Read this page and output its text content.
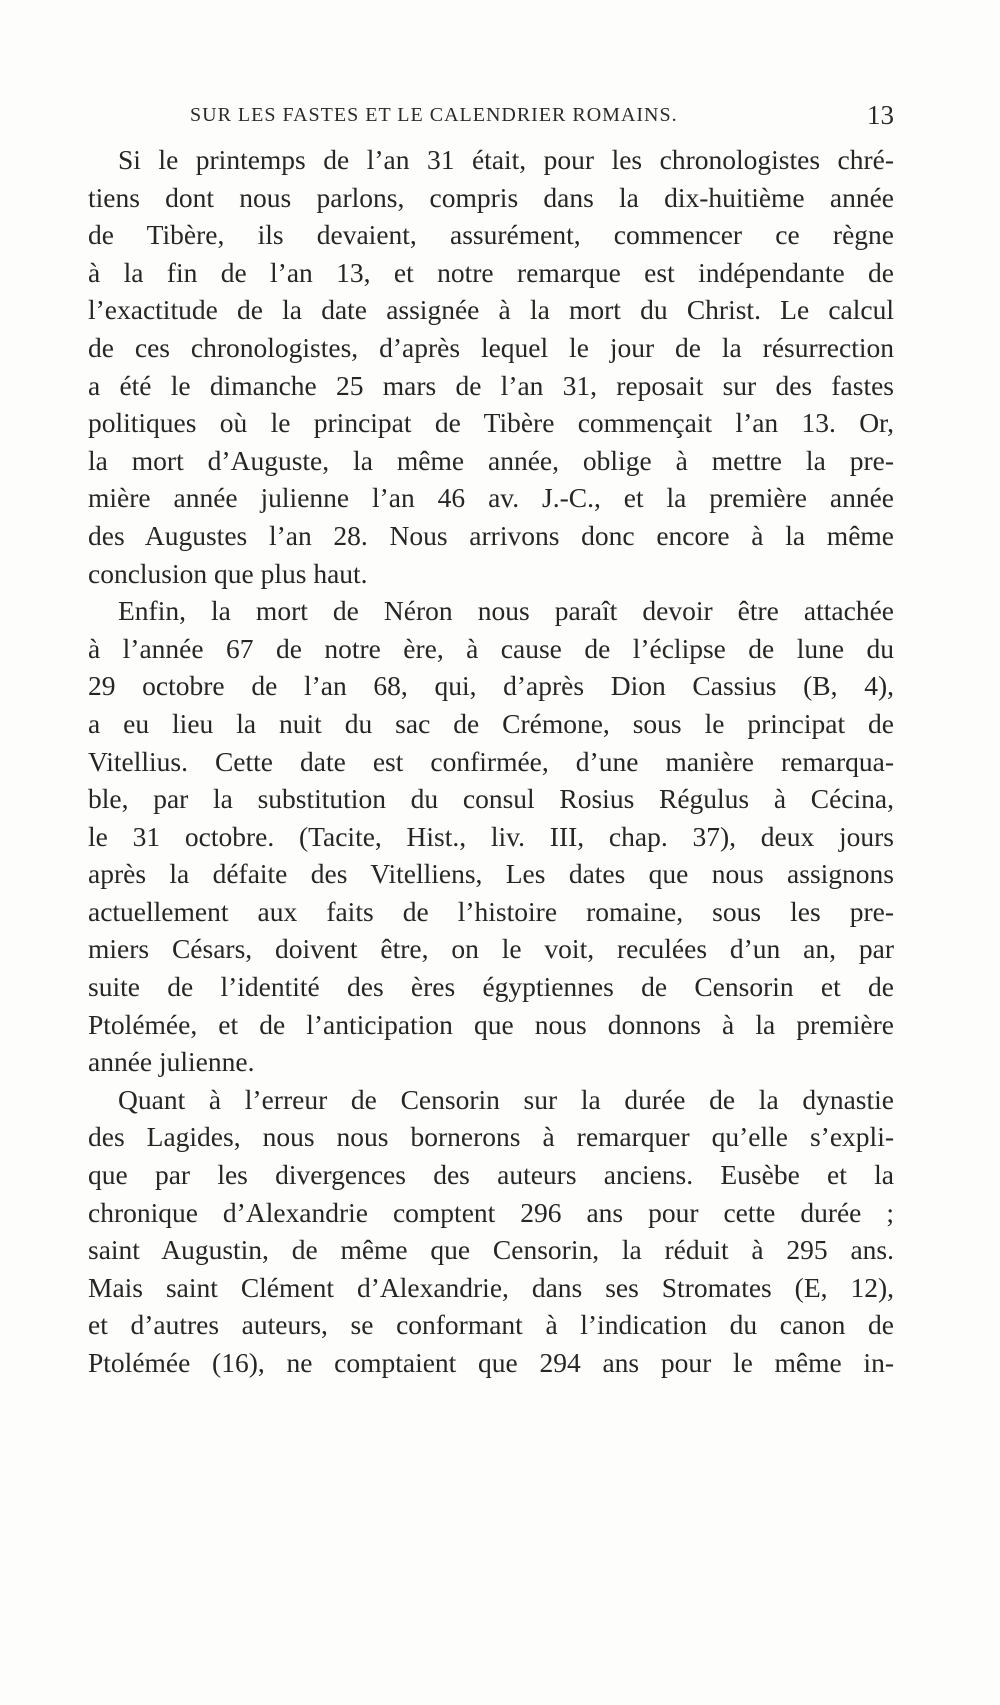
SUR LES FASTES ET LE CALENDRIER ROMAINS.	13
Si le printemps de l’an 31 était, pour les chronologistes chré-
tiens dont nous parlons, compris dans la dix-huitième année
de Tibère, ils devaient, assurément, commencer ce règne
à la fin de l’an 13, et notre remarque est indépendante de
l’exactitude de la date assignée à la mort du Christ. Le calcul
de ces chronologistes, d’après lequel le jour de la résurrection
a été le dimanche 25 mars de l’an 31, reposait sur des fastes
politiques où le principat de Tibère commençait l’an 13. Or,
la mort d’Auguste, la même année, oblige à mettre la pre-
mière année julienne l’an 46 av. J.-C., et la première année
des Augustes l’an 28. Nous arrivons donc encore à la même
conclusion que plus haut.
Enfin, la mort de Néron nous paraît devoir être attachée
à l’année 67 de notre ère, à cause de l’éclipse de lune du
29 octobre de l’an 68, qui, d’après Dion Cassius (B, 4),
a eu lieu la nuit du sac de Crémone, sous le principat de
Vitellius. Cette date est confirmée, d’une manière remarqua-
ble, par la substitution du consul Rosius Régulus à Cécina,
le 31 octobre. (Tacite, Hist., liv. III, chap. 37), deux jours
après la défaite des Vitelliens, Les dates que nous assignons
actuellement aux faits de l’histoire romaine, sous les pre-
miers Césars, doivent être, on le voit, reculées d’un an, par
suite de l’identité des ères égyptiennes de Censorin et de
Ptolémée, et de l’anticipation que nous donnons à la première
année julienne.
Quant à l’erreur de Censorin sur la durée de la dynastie
des Lagides, nous nous bornerons à remarquer qu’elle s’expli-
que par les divergences des auteurs anciens. Eusèbe et la
chronique d’Alexandrie comptent 296 ans pour cette durée ;
saint Augustin, de même que Censorin, la réduit à 295 ans.
Mais saint Clément d’Alexandrie, dans ses Stromates (E, 12),
et d’autres auteurs, se conformant à l’indication du canon de
Ptolémée (16), ne comptaient que 294 ans pour le même in-
